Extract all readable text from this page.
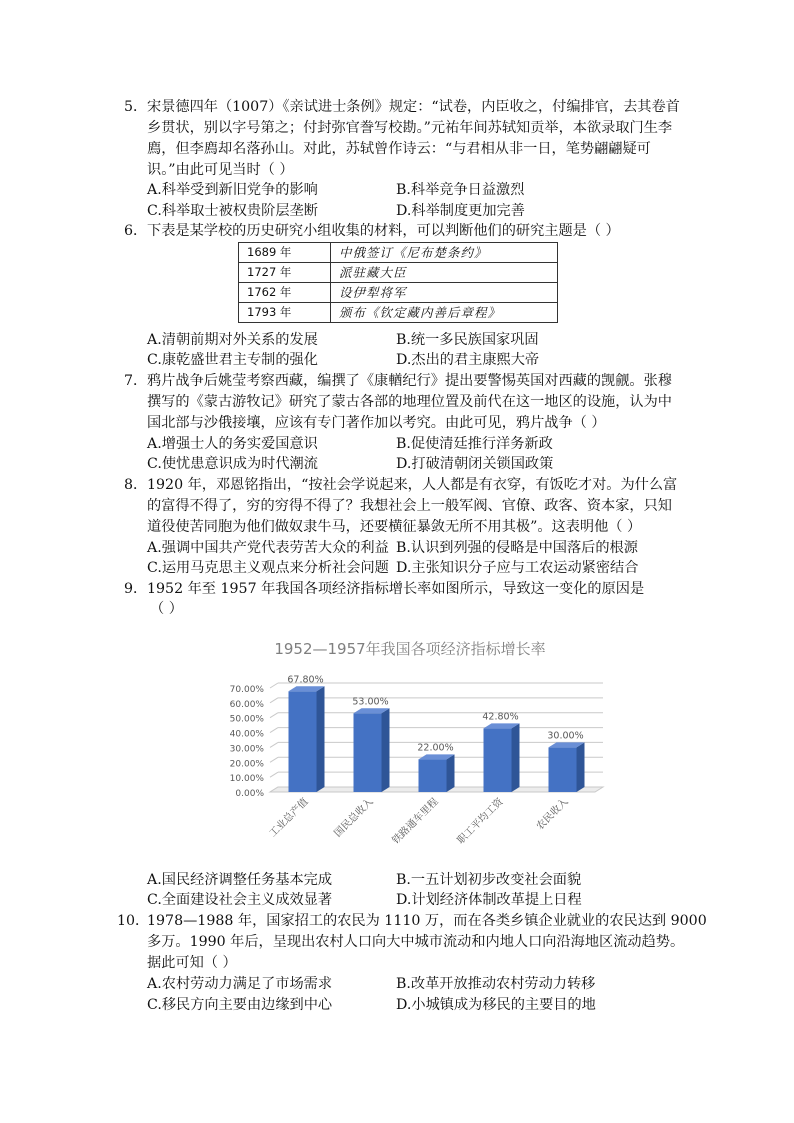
5． 宋景德四年（1007）《亲试进士条例》规定：“试卷，内臣收之，付编排官，去其卷首
乡贯状，别以字号第之；付封弥官誊写校勘。”元祐年间苏轼知贡举，本欲录取门生李
廌，但李廌却名落孙山。对此，苏轼曾作诗云：“与君相从非一日，笔势翩翩疑可
识。”由此可见当时（ ）
A.科举受到新旧党争的影响	B.科举竞争日益激烈
C.科举取士被权贵阶层垄断	D.科举制度更加完善
6． 下表是某学校的历史研究小组收集的材料，可以判断他们的研究主题是（ ）
1689 年	中俄签订《尼布楚条约》
1727 年	派驻藏大臣
1762 年	设伊犁将军
1793 年	颁布《钦定藏内善后章程》
A.清朝前期对外关系的发展	B.统一多民族国家巩固
C.康乾盛世君主专制的强化	D.杰出的君主康熙大帝
7． 鸦片战争后姚莹考察西藏，编撰了《康輶纪行》提出要警惕英国对西藏的觊觎。张穆
撰写的《蒙古游牧记》研究了蒙古各部的地理位置及前代在这一地区的设施，认为中
国北部与沙俄接壤，应该有专门著作加以考究。由此可见，鸦片战争（ ）
A.增强士人的务实爱国意识	B.促使清廷推行洋务新政
C.使忧患意识成为时代潮流	D.打破清朝闭关锁国政策
8． 1920 年，邓恩铭指出，“按社会学说起来，人人都是有衣穿，有饭吃才对。为什么富
的富得不得了，穷的穷得不得了？我想社会上一般军阀、官僚、政客、资本家，只知
道役使苦同胞为他们做奴隶牛马，还要横征暴敛无所不用其极”。这表明他（ ）
A.强调中国共产党代表劳苦大众的利益 B.认识到列强的侵略是中国落后的根源
C.运用马克思主义观点来分析社会问题 D.主张知识分子应与工农运动紧密结合
9． 1952 年至 1957 年我国各项经济指标增长率如图所示，导致这一变化的原因是
（ ）
1952—1957年我国各项经济指标增长率
0.00%
10.00%
20.00%
30.00%
40.00%
50.00%
60.00%
70.00%
67.80%
工业总产值
53.00%
国民总收入
22.00%
铁路通车里程
42.80%
职工平均工资
30.00%
农民收入
A.国民经济调整任务基本完成	B.一五计划初步改变社会面貌
C.全面建设社会主义成效显著	D.计划经济体制改革提上日程
10．
1978—1988 年，国家招工的农民为 1110 万，而在各类乡镇企业就业的农民达到 9000
多万。1990 年后，呈现出农村人口向大中城市流动和内地人口向沿海地区流动趋势。
据此可知（ ）
A.农村劳动力满足了市场需求	B.改革开放推动农村劳动力转移
C.移民方向主要由边缘到中心	D.小城镇成为移民的主要目的地
